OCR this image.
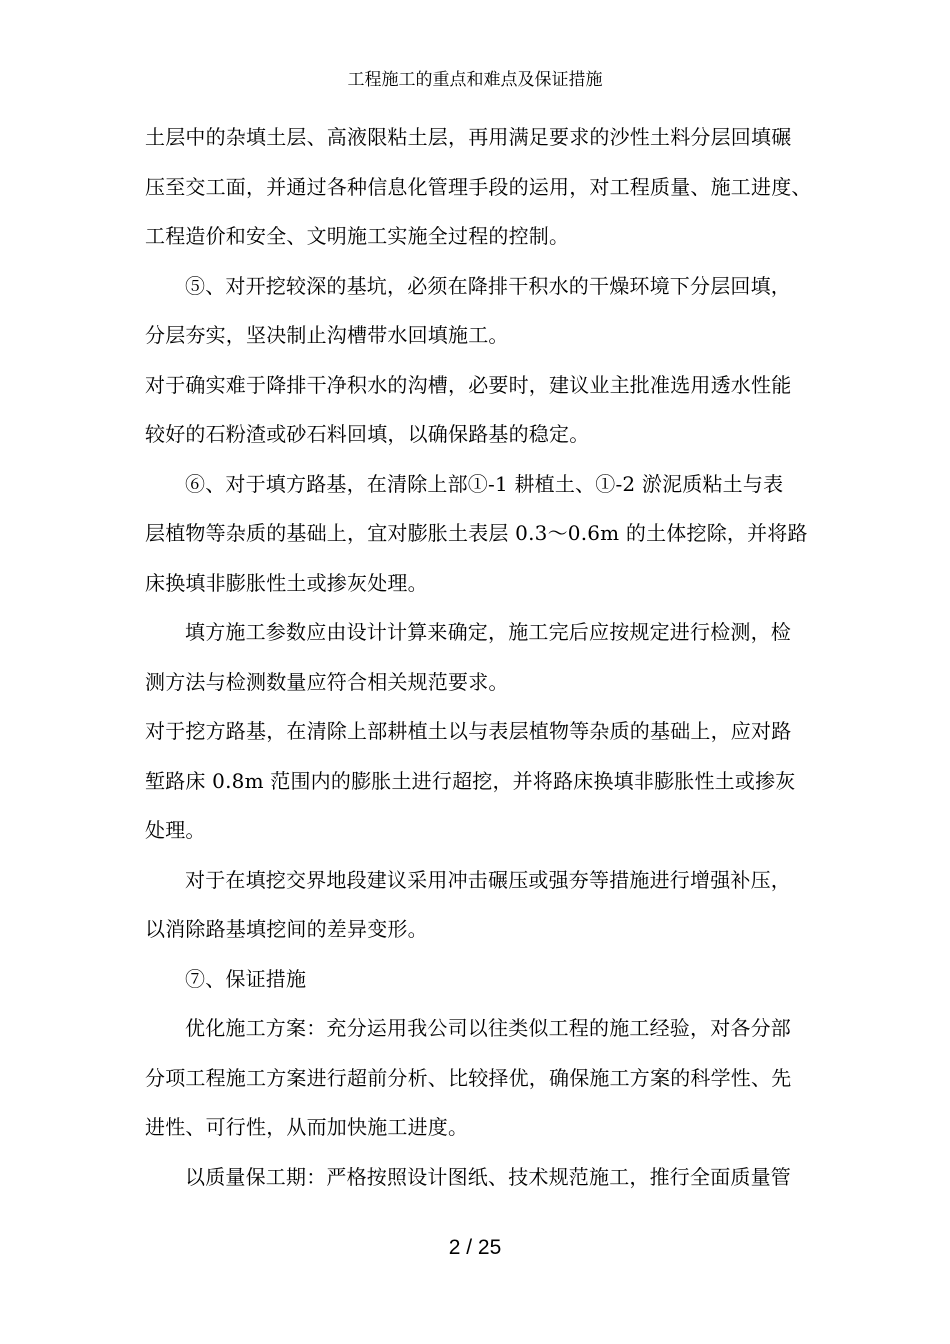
工程施工的重点和难点及保证措施
土层中的杂填土层、高液限粘土层，再用满足要求的沙性土料分层回填碾
压至交工面，并通过各种信息化管理手段的运用，对工程质量、施工进度、
工程造价和安全、文明施工实施全过程的控制。
⑤、对开挖较深的基坑，必须在降排干积水的干燥环境下分层回填，
分层夯实，坚决制止沟槽带水回填施工。
对于确实难于降排干净积水的沟槽，必要时，建议业主批准选用透水性能
较好的石粉渣或砂石料回填，以确保路基的稳定。
⑥、对于填方路基，在清除上部①-1 耕植土、①-2 淤泥质粘土与表
层植物等杂质的基础上，宜对膨胀土表层 0.3～0.6m 的土体挖除，并将路
床换填非膨胀性土或掺灰处理。
填方施工参数应由设计计算来确定，施工完后应按规定进行检测，检
测方法与检测数量应符合相关规范要求。
对于挖方路基，在清除上部耕植土以与表层植物等杂质的基础上，应对路
堑路床 0.8m 范围内的膨胀土进行超挖，并将路床换填非膨胀性土或掺灰
处理。
对于在填挖交界地段建议采用冲击碾压或强夯等措施进行增强补压，
以消除路基填挖间的差异变形。
⑦、保证措施
优化施工方案：充分运用我公司以往类似工程的施工经验，对各分部
分项工程施工方案进行超前分析、比较择优，确保施工方案的科学性、先
进性、可行性，从而加快施工进度。
以质量保工期：严格按照设计图纸、技术规范施工，推行全面质量管
2 / 25
